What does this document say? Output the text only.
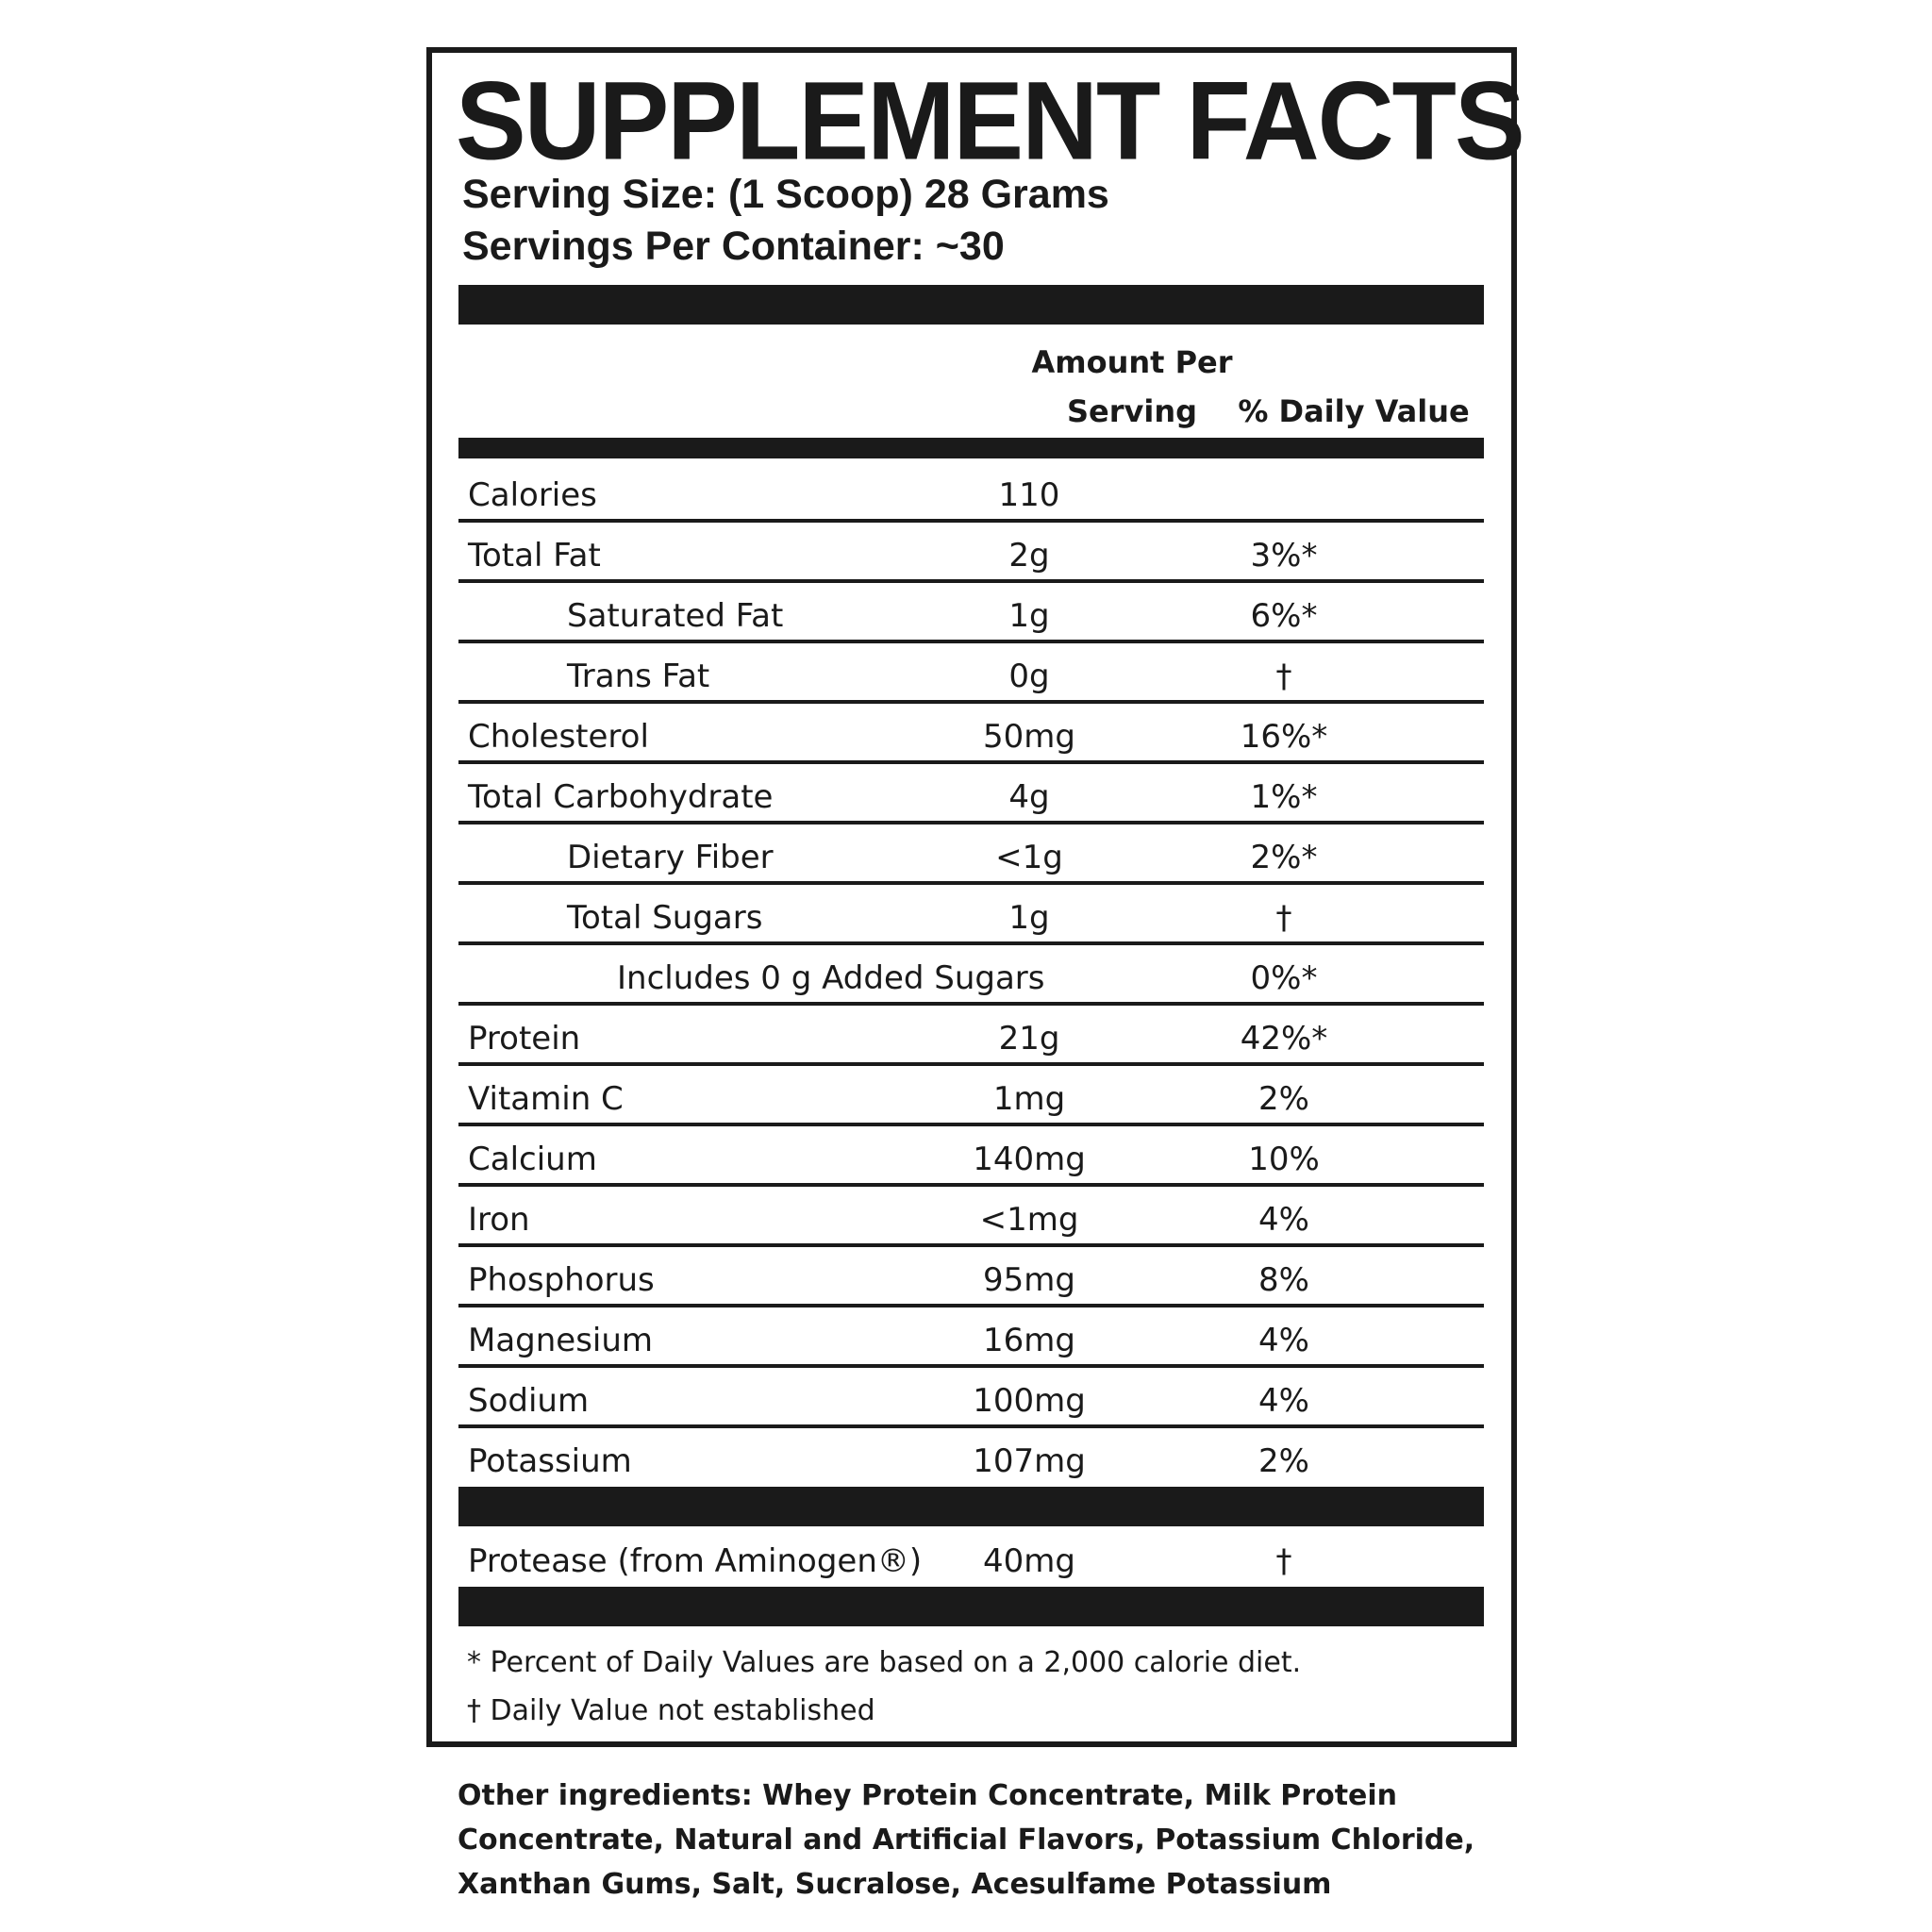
SUPPLEMENT FACTS
Serving Size: (1 Scoop) 28 Grams
Servings Per Container: ~30
Amount Per
Serving	% Daily Value
Calories	110
Total Fat	2g	3%*
Saturated Fat	1g	6%*
Trans Fat	0g	†
Cholesterol	50mg	16%*
Total Carbohydrate	4g	1%*
Dietary Fiber	<1g	2%*
Total Sugars	1g	†
Includes 0 g Added Sugars	0%*
Protein	21g	42%*
Vitamin C	1mg	2%
Calcium	140mg	10%
Iron	<1mg	4%
Phosphorus	95mg	8%
Magnesium	16mg	4%
Sodium	100mg	4%
Potassium	107mg	2%
Protease (from Aminogen®)	40mg	†
* Percent of Daily Values are based on a 2,000 calorie diet.
† Daily Value not established

Other ingredients: Whey Protein Concentrate, Milk Protein

Concentrate, Natural and Artificial Flavors, Potassium Chloride,

Xanthan Gums, Salt, Sucralose, Acesulfame Potassium
